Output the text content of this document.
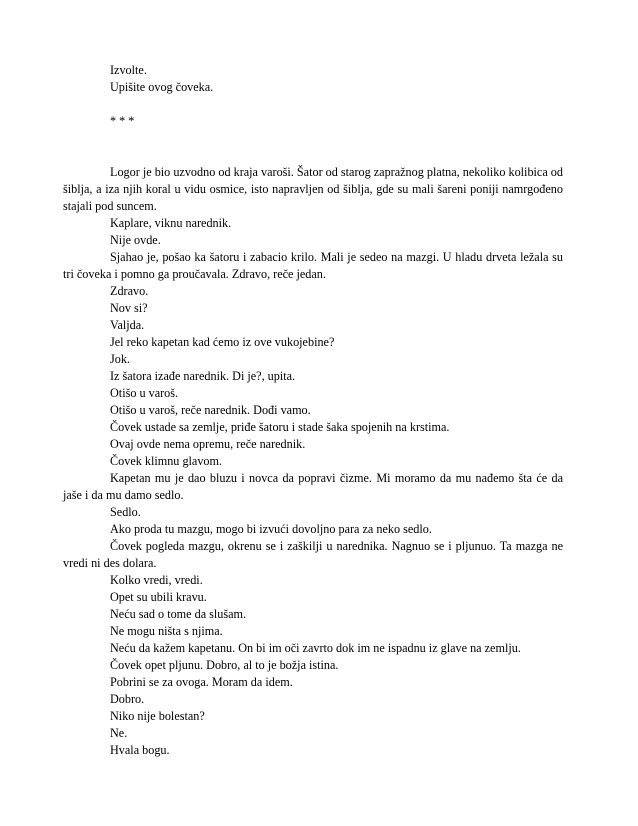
Izvolte.

Upišite ovog čoveka.

* * *

Logor je bio uzvodno od kraja varoši. Šator od starog zapražnog platna, nekoliko kolibica od šiblja, a iza njih koral u vidu osmice, isto napravljen od šiblja, gde su mali šareni poniji namrgođeno stajali pod suncem.

Kaplare, viknu narednik.

Nije ovde.

Sjahao je, pošao ka šatoru i zabacio krilo. Mali je sedeo na mazgi. U hladu drveta ležala su tri čoveka i pomno ga proučavala. Zdravo, reče jedan.

Zdravo.

Nov si?

Valjda.

Jel reko kapetan kad ćemo iz ove vukojebine?

Jok.

Iz šatora izađe narednik. Di je?, upita.

Otišo u varoš.

Otišo u varoš, reče narednik. Dođi vamo.

Čovek ustade sa zemlje, priđe šatoru i stade šaka spojenih na krstima.

Ovaj ovde nema opremu, reče narednik.

Čovek klimnu glavom.

Kapetan mu je dao bluzu i novca da popravi čizme. Mi moramo da mu nađemo šta će da jaše i da mu damo sedlo.

Sedlo.

Ako proda tu mazgu, mogo bi izvući dovoljno para za neko sedlo.

Čovek pogleda mazgu, okrenu se i zaškilji u narednika. Nagnuo se i pljunuo. Ta mazga ne vredi ni des dolara.

Kolko vredi, vredi.

Opet su ubili kravu.

Neću sad o tome da slušam.

Ne mogu ništa s njima.

Neću da kažem kapetanu. On bi im oči zavrto dok im ne ispadnu iz glave na zemlju.

Čovek opet pljunu. Dobro, al to je božja istina.

Pobrini se za ovoga. Moram da idem.

Dobro.

Niko nije bolestan?

Ne.

Hvala bogu.
